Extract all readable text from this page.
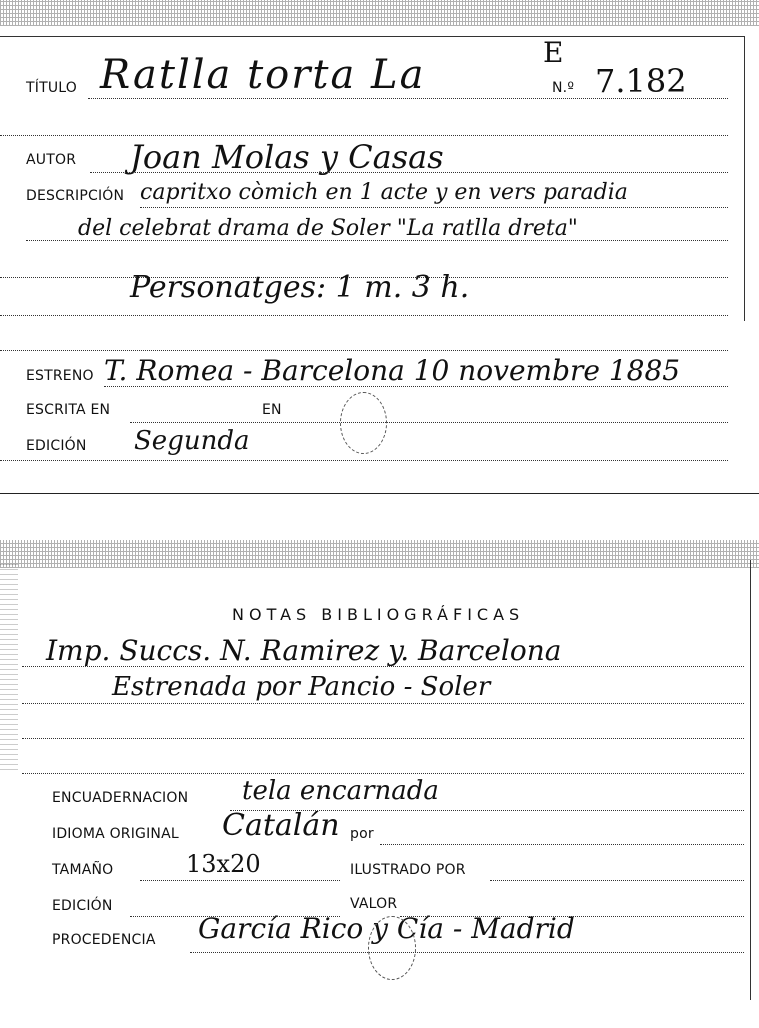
TÍTULO Ratlla torta La	E
N.º 7.182
AUTOR Joan Molas y Casas
DESCRIPCIÓN capritxo còmich en 1 acte y en vers paradia
del celebrat drama de Soler "La ratlla dreta"
Personatges: 1 m. 3 h.
ESTRENO T. Romea - Barcelona 10 novembre 1885
ESCRITA EN	EN
EDICIÓN Segunda
NOTAS BIBLIOGRÁFICAS
Imp. Succs. N. Ramirez y. Barcelona
Estrenada por Pancio - Soler
ENCUADERNACION tela encarnada
IDIOMA ORIGINAL Catalán por
TAMAÑO	13x20	ILUSTRADO POR
EDICIÓN	VALOR
PROCEDENCIA García Rico y Cía - Madrid
